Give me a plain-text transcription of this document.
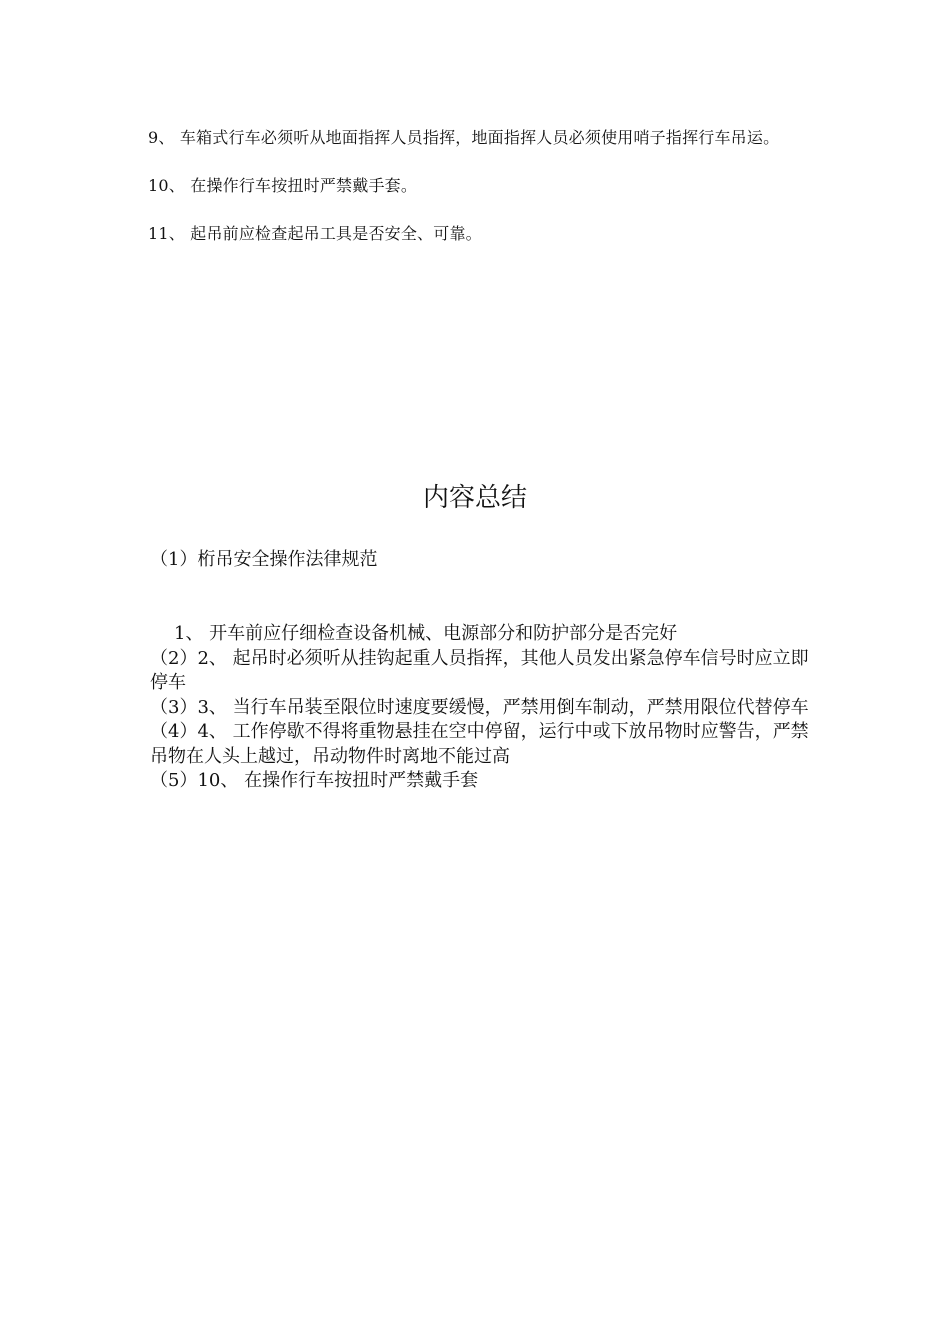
9、 车箱式行车必须听从地面指挥人员指挥，地面指挥人员必须使用哨子指挥行车吊运。

10、 在操作行车按扭时严禁戴手套。

11、 起吊前应检查起吊工具是否安全、可靠。

内容总结

（1）桁吊安全操作法律规范

1、 开车前应仔细检查设备机械、电源部分和防护部分是否完好

（2）2、 起吊时必须听从挂钩起重人员指挥，其他人员发出紧急停车信号时应立即停车

（3）3、 当行车吊装至限位时速度要缓慢，严禁用倒车制动，严禁用限位代替停车

（4）4、 工作停歇不得将重物悬挂在空中停留，运行中或下放吊物时应警告，严禁吊物在人头上越过，吊动物件时离地不能过高

（5）10、 在操作行车按扭时严禁戴手套
